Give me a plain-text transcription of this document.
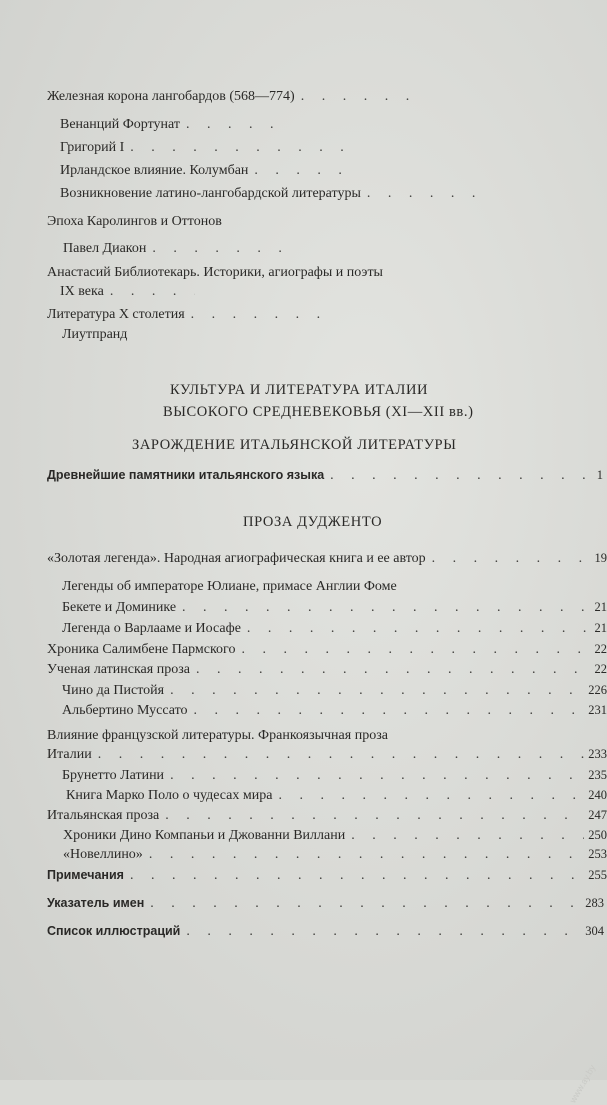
Железная корона лангобардов (568—774)
. . .
Венанций Фортунат
. . .
Григорий I
. . .
Ирландское влияние. Колумбан
. . .
Возникновение латино-лангобардской литературы
. . .
Эпоха Каролингов и Оттонов
Павел Диакон
. . .
Анастасий Библиотекарь. Историки, агиографы и поэты
IX века
. . .
Литература X столетия
. . .
Лиутпранд
КУЛЬТУРА И ЛИТЕРАТУРА ИТАЛИИ
ВЫСОКОГО СРЕДНЕВЕКОВЬЯ (XI—XII вв.)
ЗАРОЖДЕНИЕ ИТАЛЬЯНСКОЙ ЛИТЕРАТУРЫ
Древнейшие памятники итальянского языка . . .	1
ПРОЗА ДУДЖЕНТО
«Золотая легенда». Народная агиографическая книга и ее автор . . .	19
Легенды об императоре Юлиане, примасе Англии Фоме
Бекете и Доминике . . .	21
Легенда о Варлааме и Иосафе . . .	21
Хроника Салимбене Пармского . . .	22
Ученая латинская проза . . .	22
Чино да Пистойя . . .	226
Альбертино Муссато . . .	231
Влияние французской литературы. Франкоязычная проза
Италии . . .	233
Брунетто Латини . . .	235
Книга Марко Поло о чудесах мира . . .	240
Итальянская проза . . .	247
Хроники Дино Компаньи и Джованни Виллани . . .	250
«Новеллино» . . .	253
Примечания . . .	255
Указатель имен . . .	283
Список иллюстраций . . .	304
www.ay.by
